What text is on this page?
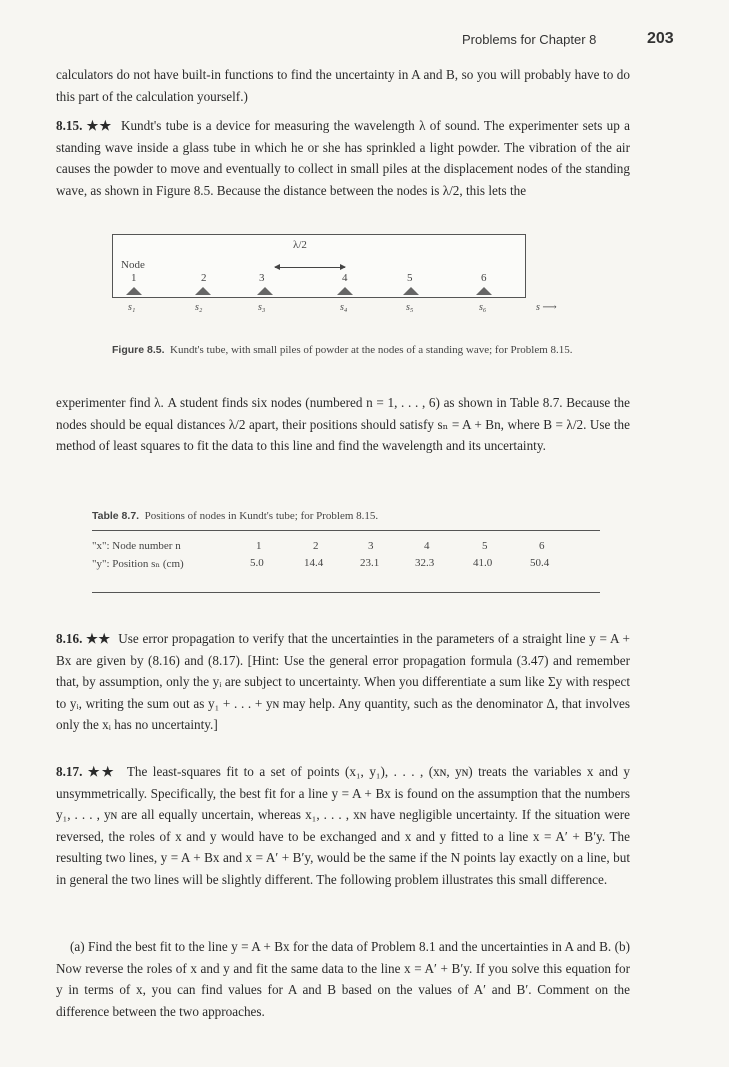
Problems for Chapter 8	203

calculators do not have built-in functions to find the uncertainty in A and B, so you will probably have to do this part of the calculation yourself.)

8.15. ★★ Kundt's tube is a device for measuring the wavelength λ of sound. The experimenter sets up a standing wave inside a glass tube in which he or she has sprinkled a light powder. The vibration of the air causes the powder to move and eventually to collect in small piles at the displacement nodes of the standing wave, as shown in Figure 8.5. Because the distance between the nodes is λ/2, this lets the

λ/2
Node
1	2	3	4	5	6
s₁	s₂	s₃	s₄	s₅	s₆	s ⟶

Figure 8.5. Kundt's tube, with small piles of powder at the nodes of a standing wave; for Problem 8.15.

experimenter find λ. A student finds six nodes (numbered n = 1, . . . , 6) as shown in Table 8.7. Because the nodes should be equal distances λ/2 apart, their positions should satisfy sₙ = A + Bn, where B = λ/2. Use the method of least squares to fit the data to this line and find the wavelength and its uncertainty.

Table 8.7. Positions of nodes in Kundt's tube; for Problem 8.15.

"x": Node number n	1	2	3	4	5	6
"y": Position sₙ (cm)	5.0	14.4	23.1	32.3	41.0	50.4

8.16. ★★ Use error propagation to verify that the uncertainties in the parameters of a straight line y = A + Bx are given by (8.16) and (8.17). [Hint: Use the general error propagation formula (3.47) and remember that, by assumption, only the yᵢ are subject to uncertainty. When you differentiate a sum like Σy with respect to yᵢ, writing the sum out as y₁ + . . . + yɴ may help. Any quantity, such as the denominator Δ, that involves only the xᵢ has no uncertainty.]

8.17. ★★ The least-squares fit to a set of points (x₁, y₁), . . . , (xɴ, yɴ) treats the variables x and y unsymmetrically. Specifically, the best fit for a line y = A + Bx is found on the assumption that the numbers y₁, . . . , yɴ are all equally uncertain, whereas x₁, . . . , xɴ have negligible uncertainty. If the situation were reversed, the roles of x and y would have to be exchanged and x and y fitted to a line x = A′ + B′y. The resulting two lines, y = A + Bx and x = A′ + B′y, would be the same if the N points lay exactly on a line, but in general the two lines will be slightly different. The following problem illustrates this small difference.

(a) Find the best fit to the line y = A + Bx for the data of Problem 8.1 and the uncertainties in A and B. (b) Now reverse the roles of x and y and fit the same data to the line x = A′ + B′y. If you solve this equation for y in terms of x, you can find values for A and B based on the values of A′ and B′. Comment on the difference between the two approaches.
